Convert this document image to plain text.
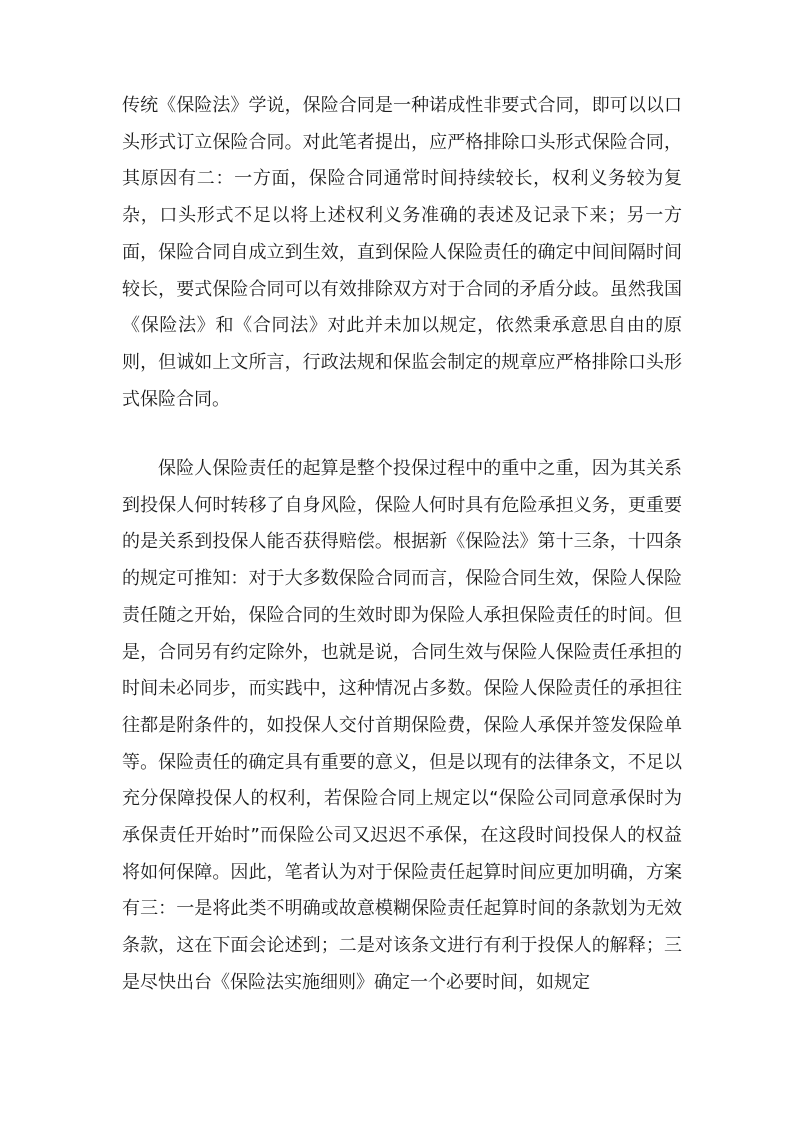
传统《保险法》学说，保险合同是一种诺成性非要式合同，即可以以口头形式订立保险合同。对此笔者提出，应严格排除口头形式保险合同，其原因有二：一方面，保险合同通常时间持续较长，权利义务较为复杂，口头形式不足以将上述权利义务准确的表述及记录下来；另一方面，保险合同自成立到生效，直到保险人保险责任的确定中间间隔时间较长，要式保险合同可以有效排除双方对于合同的矛盾分歧。虽然我国《保险法》和《合同法》对此并未加以规定，依然秉承意思自由的原则，但诚如上文所言，行政法规和保监会制定的规章应严格排除口头形式保险合同。

保险人保险责任的起算是整个投保过程中的重中之重，因为其关系到投保人何时转移了自身风险，保险人何时具有危险承担义务，更重要的是关系到投保人能否获得赔偿。根据新《保险法》第十三条，十四条的规定可推知：对于大多数保险合同而言，保险合同生效，保险人保险责任随之开始，保险合同的生效时即为保险人承担保险责任的时间。但是，合同另有约定除外，也就是说，合同生效与保险人保险责任承担的时间未必同步，而实践中，这种情况占多数。保险人保险责任的承担往往都是附条件的，如投保人交付首期保险费，保险人承保并签发保险单等。保险责任的确定具有重要的意义，但是以现有的法律条文，不足以充分保障投保人的权利，若保险合同上规定以“保险公司同意承保时为承保责任开始时”而保险公司又迟迟不承保，在这段时间投保人的权益将如何保障。因此，笔者认为对于保险责任起算时间应更加明确，方案有三：一是将此类不明确或故意模糊保险责任起算时间的条款划为无效条款，这在下面会论述到；二是对该条文进行有利于投保人的解释；三是尽快出台《保险法实施细则》确定一个必要时间，如规定
